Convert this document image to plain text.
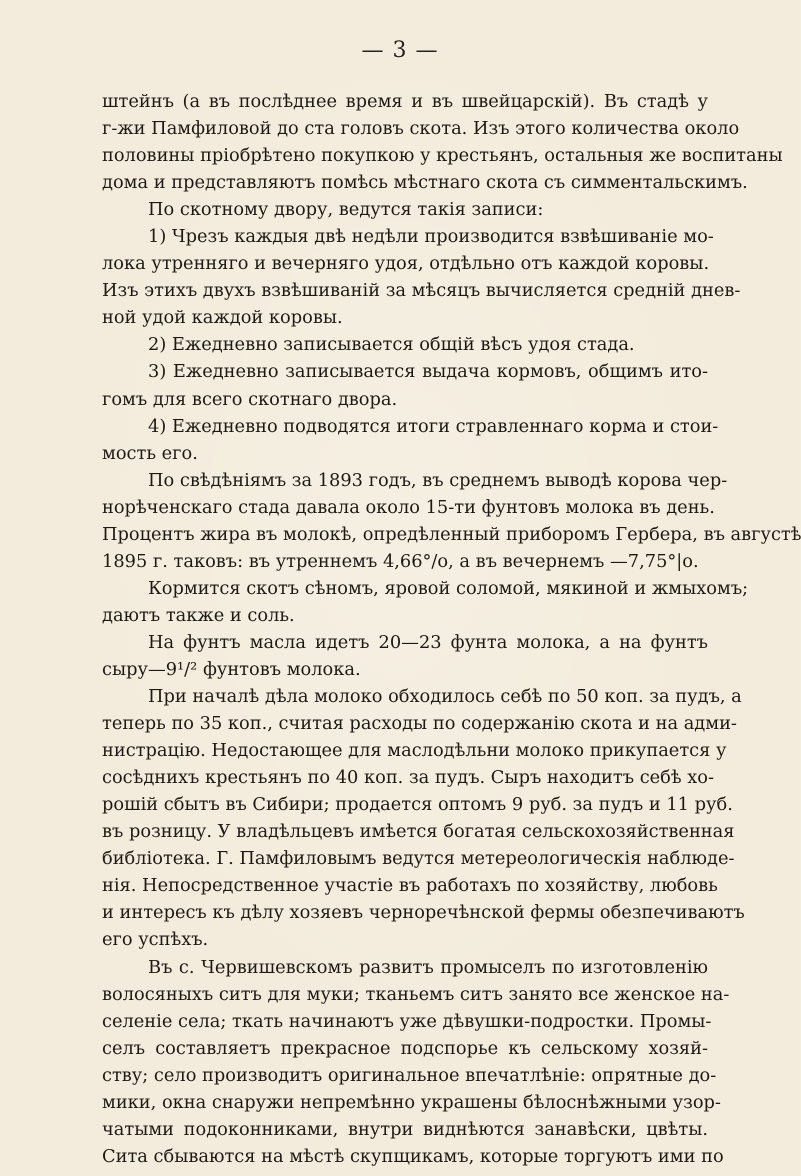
— 3 —
штейнъ (а въ послѣднее время и въ швейцарскій). Въ стадѣ у
г-жи Памфиловой до ста головъ скота. Изъ этого количества около
половины пріобрѣтено покупкою у крестьянъ, остальныя же воспитаны
дома и представляютъ помѣсь мѣстнаго скота съ симментальскимъ.
По скотному двору, ведутся такія записи:
1) Чрезъ каждыя двѣ недѣли производится взвѣшиваніе мо-
лока утренняго и вечерняго удоя, отдѣльно отъ каждой коровы.
Изъ этихъ двухъ взвѣшиваній за мѣсяцъ вычисляется средній днев-
ной удой каждой коровы.
2) Ежедневно записывается общій вѣсъ удоя стада.
3) Ежедневно записывается выдача кормовъ, общимъ ито-
гомъ для всего скотнаго двора.
4) Ежедневно подводятся итоги стравленнаго корма и стои-
мость его.
По свѣдѣніямъ за 1893 годъ, въ среднемъ выводѣ корова чер-
норѣченскаго стада давала около 15-ти фунтовъ молока въ день.
Процентъ жира въ молокѣ, опредѣленный приборомъ Гербера, въ августѣ
1895 г. таковъ: въ утреннемъ 4,66°/о, а въ вечернемъ —7,75°|о.
Кормится скотъ сѣномъ, яровой соломой, мякиной и жмыхомъ;
даютъ также и соль.
На фунтъ масла идетъ 20—23 фунта молока, а на фунтъ
сыру—9¹/² фунтовъ молока.
При началѣ дѣла молоко обходилось себѣ по 50 коп. за пудъ, а
теперь по 35 коп., считая расходы по содержанію скота и на адми-
нистрацію. Недостающее для маслодѣльни молоко прикупается у
сосѣднихъ крестьянъ по 40 коп. за пудъ. Сыръ находитъ себѣ хо-
рошій сбытъ въ Сибири; продается оптомъ 9 руб. за пудъ и 11 руб.
въ розницу. У владѣльцевъ имѣется богатая сельскохозяйственная
библіотека. Г. Памфиловымъ ведутся метереологическія наблюде-
нія. Непосредственное участіе въ работахъ по хозяйству, любовь
и интересъ къ дѣлу хозяевъ черноречѣнской фермы обезпечиваютъ
его успѣхъ.
Въ с. Червишевскомъ развитъ промыселъ по изготовленію
волосяныхъ ситъ для муки; тканьемъ ситъ занято все женское на-
селеніе села; ткать начинаютъ уже дѣвушки-подростки. Промы-
селъ составляетъ прекрасное подспорье къ сельскому хозяй-
ству; село производитъ оригинальное впечатлѣніе: опрятные до-
мики, окна снаружи непремѣнно украшены бѣлоснѣжными узор-
чатыми подоконниками, внутри виднѣются занавѣски, цвѣты.
Сита сбываются на мѣстѣ скупщикамъ, которые торгуютъ ими по
